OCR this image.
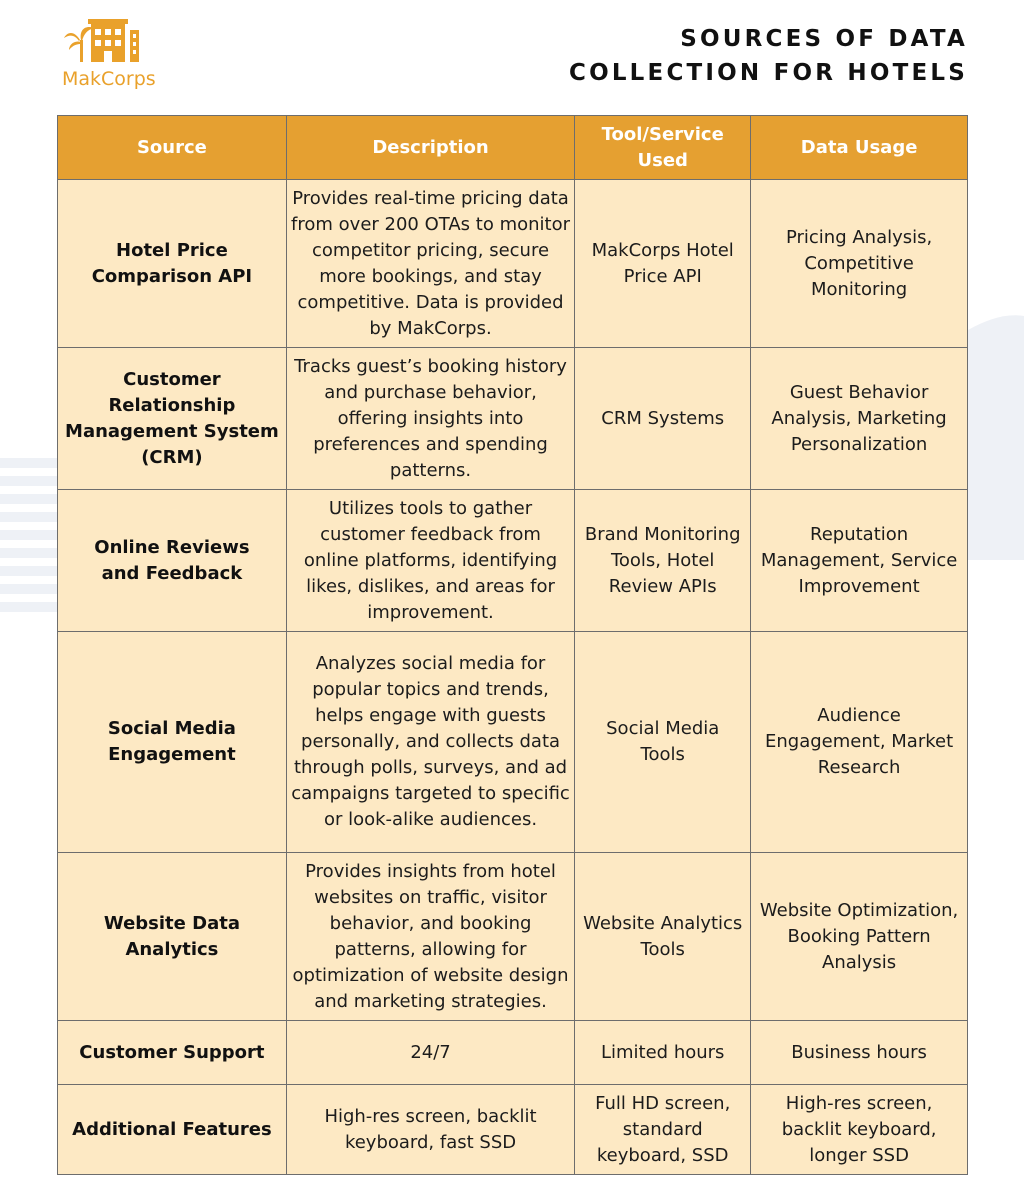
MakCorps
SOURCES OF DATA
COLLECTION FOR HOTELS
Source	Description	Tool/Service Used	Data Usage
Hotel Price Comparison API	Provides real-time pricing data from over 200 OTAs to monitor competitor pricing, secure more bookings, and stay competitive. Data is provided by MakCorps.	MakCorps Hotel Price API	Pricing Analysis, Competitive Monitoring
Customer Relationship Management System (CRM)	Tracks guest’s booking history and purchase behavior, offering insights into preferences and spending patterns.	CRM Systems	Guest Behavior Analysis, Marketing Personalization
Online Reviews and Feedback	Utilizes tools to gather customer feedback from online platforms, identifying likes, dislikes, and areas for improvement.	Brand Monitoring Tools, Hotel Review APIs	Reputation Management, Service Improvement
Social Media Engagement	Analyzes social media for popular topics and trends, helps engage with guests personally, and collects data through polls, surveys, and ad campaigns targeted to specific or look-alike audiences.	Social Media Tools	Audience Engagement, Market Research
Website Data Analytics	Provides insights from hotel websites on traffic, visitor behavior, and booking patterns, allowing for optimization of website design and marketing strategies.	Website Analytics Tools	Website Optimization, Booking Pattern Analysis
Customer Support	24/7	Limited hours	Business hours
Additional Features	High-res screen, backlit keyboard, fast SSD	Full HD screen, standard keyboard, SSD	High-res screen, backlit keyboard, longer SSD
